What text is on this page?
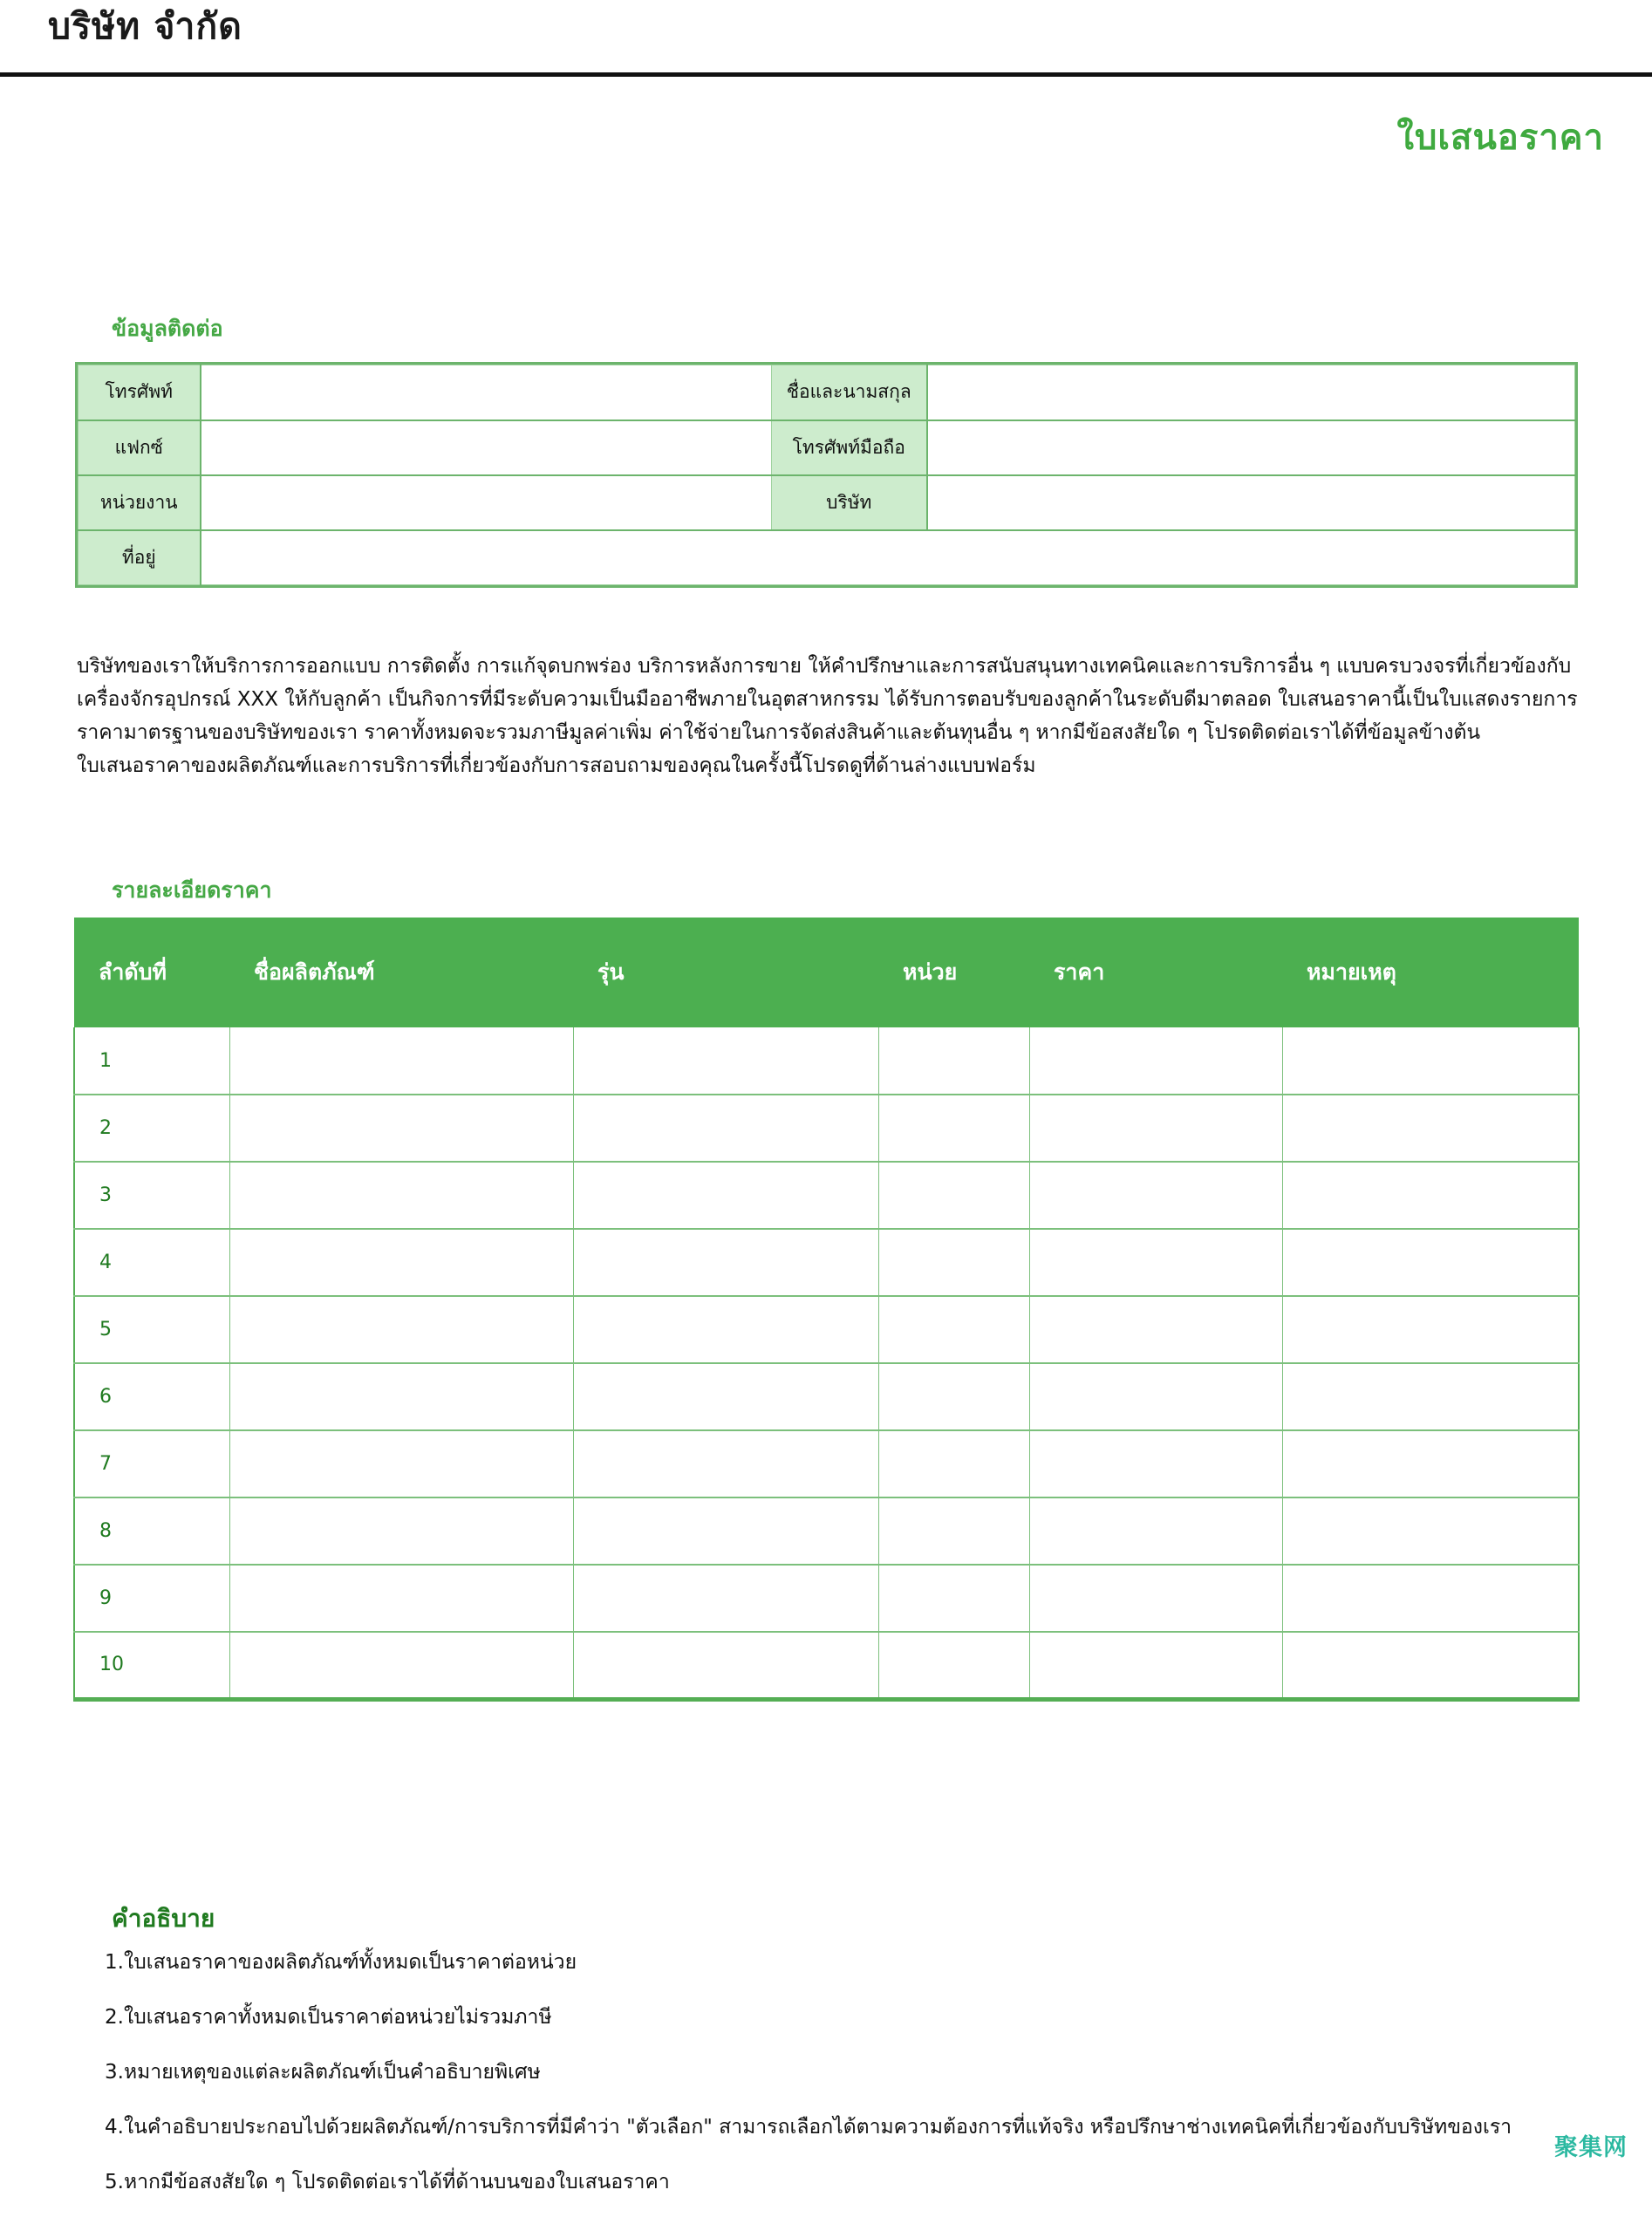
บริษัท จำกัด
ใบเสนอราคา
ข้อมูลติดต่อ
โทรศัพท์		ชื่อและนามสกุล	
แฟกซ์		โทรศัพท์มือถือ	
หน่วยงาน		บริษัท	
ที่อยู่			

บริษัทของเราให้บริการการออกแบบ การติดตั้ง การแก้จุดบกพร่อง บริการหลังการขาย ให้คำปรึกษาและการสนับสนุนทางเทคนิคและการบริการอื่น ๆ แบบครบวงจรที่เกี่ยวข้องกับเครื่องจักรอุปกรณ์ XXX ให้กับลูกค้า เป็นกิจการที่มีระดับความเป็นมืออาชีพภายในอุตสาหกรรม ได้รับการตอบรับของลูกค้าในระดับดีมาตลอด ใบเสนอราคานี้เป็นใบแสดงรายการราคามาตรฐานของบริษัทของเรา ราคาทั้งหมดจะรวมภาษีมูลค่าเพิ่ม ค่าใช้จ่ายในการจัดส่งสินค้าและต้นทุนอื่น ๆ หากมีข้อสงสัยใด ๆ โปรดติดต่อเราได้ที่ข้อมูลข้างต้น

ใบเสนอราคาของผลิตภัณฑ์และการบริการที่เกี่ยวข้องกับการสอบถามของคุณในครั้งนี้โปรดดูที่ด้านล่างแบบฟอร์ม

รายละเอียดราคา
ลำดับที่	ชื่อผลิตภัณฑ์	รุ่น	หน่วย	ราคา	หมายเหตุ
1					
2					
3					
4					
5					
6					
7					
8					
9					
10					
คำอธิบาย

1.ใบเสนอราคาของผลิตภัณฑ์ทั้งหมดเป็นราคาต่อหน่วย

2.ใบเสนอราคาทั้งหมดเป็นราคาต่อหน่วยไม่รวมภาษี

3.หมายเหตุของแต่ละผลิตภัณฑ์เป็นคำอธิบายพิเศษ

4.ในคำอธิบายประกอบไปด้วยผลิตภัณฑ์/การบริการที่มีคำว่า "ตัวเลือก" สามารถเลือกได้ตามความต้องการที่แท้จริง หรือปรึกษาช่างเทคนิคที่เกี่ยวข้องกับบริษัทของเรา

5.หากมีข้อสงสัยใด ๆ โปรดติดต่อเราได้ที่ด้านบนของใบเสนอราคา

聚集网
